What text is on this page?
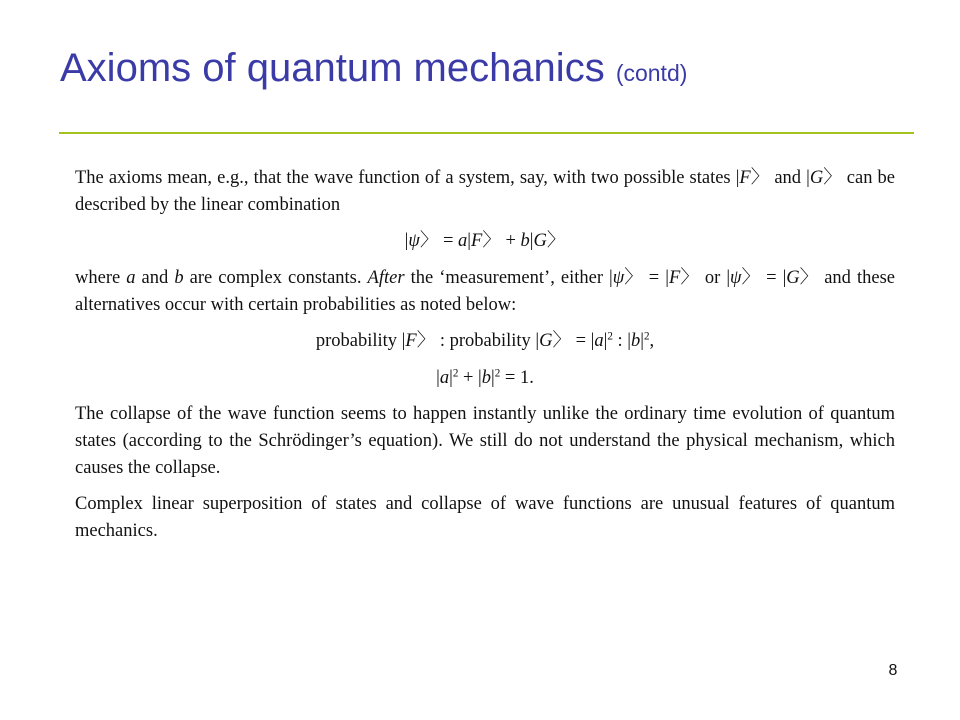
Axioms of quantum mechanics (contd)

The axioms mean, e.g., that the wave function of a system, say, with two possible states |F〉 and |G〉 can be described by the linear combination

|ψ〉 = a|F〉 + b|G〉

where a and b are complex constants. After the ‘measurement’, either |ψ〉 = |F〉 or |ψ〉 = |G〉 and these alternatives occur with certain probabilities as noted below:

probability |F〉 : probability |G〉 = $|a|^2$ : $|b|^2$,

$|a|^2 + |b|^2 = 1$.

The collapse of the wave function seems to happen instantly unlike the ordinary time evolution of quantum states (according to the Schrödinger’s equation). We still do not understand the physical mechanism, which causes the collapse.

Complex linear superposition of states and collapse of wave functions are unusual features of quantum mechanics.

8
